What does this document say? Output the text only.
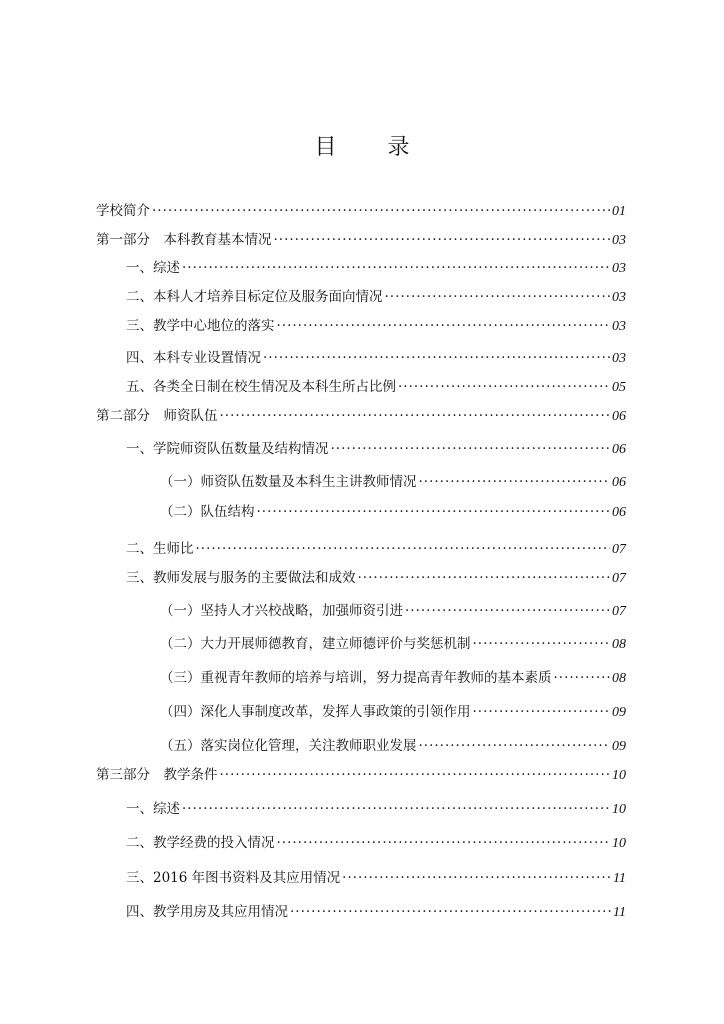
目 录
学校简介 ·····	01
第一部分　本科教育基本情况 ·····	03
一、综述 ·····	03
二、本科人才培养目标定位及服务面向情况 ·····	03
三、教学中心地位的落实 ·····	03
四、本科专业设置情况 ·····	03
五、各类全日制在校生情况及本科生所占比例 ·····	05
第二部分　师资队伍 ·····	06
一、学院师资队伍数量及结构情况 ·····	06
（一）师资队伍数量及本科生主讲教师情况 ·····	06
（二）队伍结构 ·····	06
二、生师比 ·····	07
三、教师发展与服务的主要做法和成效 ·····	07
（一）坚持人才兴校战略，加强师资引进 ·····	07
（二）大力开展师德教育，建立师德评价与奖惩机制 ·····	08
（三）重视青年教师的培养与培训，努力提高青年教师的基本素质 ·····	08
（四）深化人事制度改革，发挥人事政策的引领作用 ·····	09
（五）落实岗位化管理，关注教师职业发展 ·····	09
第三部分　教学条件 ·····	10
一、综述 ·····	10
二、教学经费的投入情况 ·····	10
三、2016 年图书资料及其应用情况 ·····	11
四、教学用房及其应用情况 ·····	11
